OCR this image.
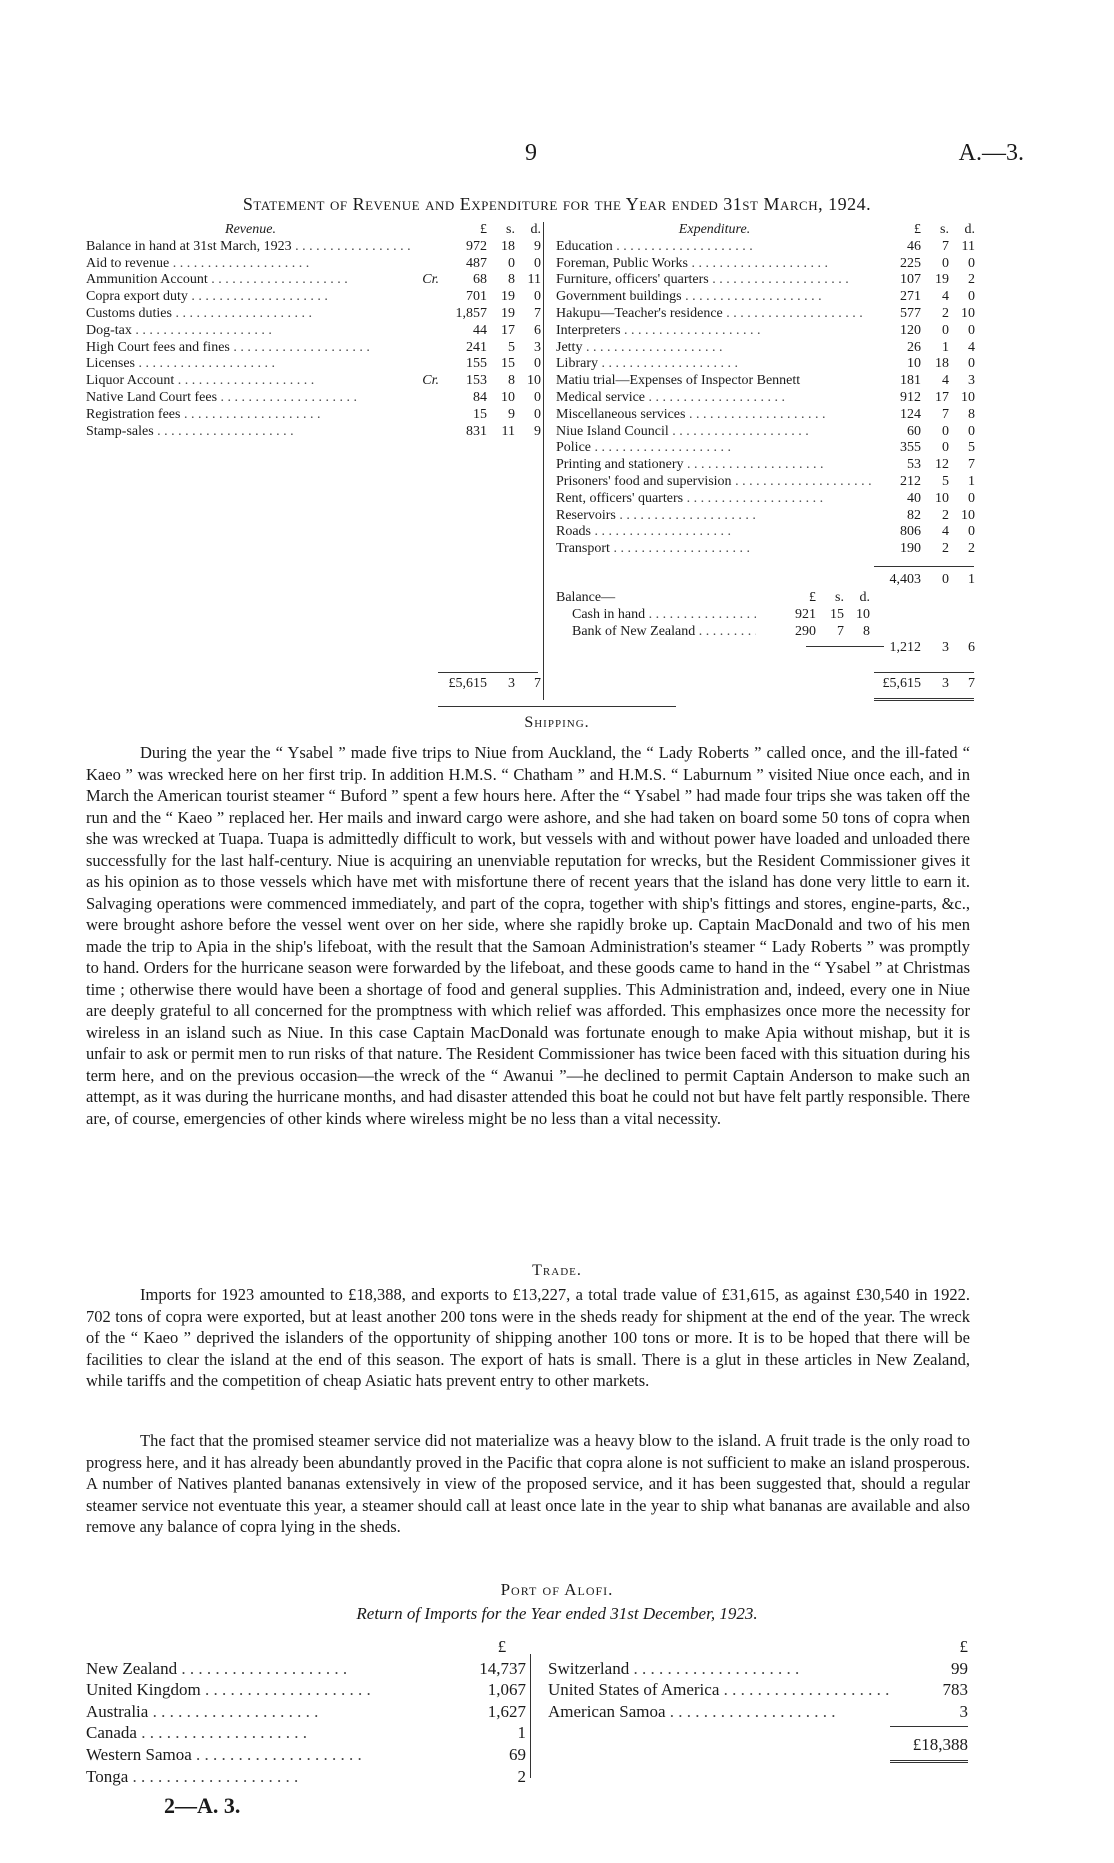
9	A.—3.
Statement of Revenue and Expenditure for the Year ended 31st March, 1924.
Revenue.	£	s.	d.
Balance in hand at 31st March, 1923 . .	972	18	9
Aid to revenue . .	487	0	0
Ammunition Account . .	Cr.	68	8 11
Copra export duty . .	701	19	0
Customs duties . .	1,857	19	7
Dog-tax . .	44	17	6
High Court fees and fines . .	241	5	3
Licenses . .	155	15	0
Liquor Account . .	Cr.	153	8 10
Native Land Court fees . .	84	10	0
Registration fees . .	15	9	0
Stamp-sales . .	831	11	9
£5,615	3	7
Expenditure.	£	s.	d.
Education . .	46	7 11
Foreman, Public Works . .	225	0	0
Furniture, officers' quarters . .	107	19	2
Government buildings . .	271	4	0
Hakupu—Teacher's residence . .	577	2 10
Interpreters . .	120	0	0
Jetty . .	26	1	4
Library . .	10	18	0
Matiu trial—Expenses of Inspector Bennett	181	4	3
Medical service . .	912	17 10
Miscellaneous services . .	124	7	8
Niue Island Council . .	60	0	0
Police . .	355	0	5
Printing and stationery . .	53	12	7
Prisoners' food and supervision . .	212	5	1
Rent, officers' quarters . .	40	10	0
Reservoirs . .	82	2 10
Roads . .	806	4	0
Transport . .	190	2	2
4,403	0	1
Balance—	£	s.	d.
Cash in hand . .	921	15 10
Bank of New Zealand . .	290	7	8
1,212	3	6
£5,615	3	7
Shipping.

During the year the “ Ysabel ” made five trips to Niue from Auckland, the “ Lady Roberts ” called once, and the ill-fated “ Kaeo ” was wrecked here on her first trip. In addition H.M.S. “ Chatham ” and H.M.S. “ Laburnum ” visited Niue once each, and in March the American tourist steamer “ Buford ” spent a few hours here. After the “ Ysabel ” had made four trips she was taken off the run and the “ Kaeo ” replaced her. Her mails and inward cargo were ashore, and she had taken on board some 50 tons of copra when she was wrecked at Tuapa. Tuapa is admittedly difficult to work, but vessels with and without power have loaded and unloaded there successfully for the last half-century. Niue is acquiring an unenviable reputation for wrecks, but the Resident Commissioner gives it as his opinion as to those vessels which have met with misfortune there of recent years that the island has done very little to earn it. Salvaging operations were commenced immediately, and part of the copra, together with ship's fittings and stores, engine-parts, &c., were brought ashore before the vessel went over on her side, where she rapidly broke up. Captain MacDonald and two of his men made the trip to Apia in the ship's lifeboat, with the result that the Samoan Administration's steamer “ Lady Roberts ” was promptly to hand. Orders for the hurricane season were forwarded by the lifeboat, and these goods came to hand in the “ Ysabel ” at Christmas time ; otherwise there would have been a shortage of food and general supplies. This Administration and, indeed, every one in Niue are deeply grateful to all concerned for the promptness with which relief was afforded. This emphasizes once more the necessity for wireless in an island such as Niue. In this case Captain MacDonald was fortunate enough to make Apia without mishap, but it is unfair to ask or permit men to run risks of that nature. The Resident Commissioner has twice been faced with this situation during his term here, and on the previous occasion—the wreck of the “ Awanui ”—he declined to permit Captain Anderson to make such an attempt, as it was during the hurricane months, and had disaster attended this boat he could not but have felt partly responsible. There are, of course, emergencies of other kinds where wireless might be no less than a vital necessity.

Trade.

Imports for 1923 amounted to £18,388, and exports to £13,227, a total trade value of £31,615, as against £30,540 in 1922. 702 tons of copra were exported, but at least another 200 tons were in the sheds ready for shipment at the end of the year. The wreck of the “ Kaeo ” deprived the islanders of the opportunity of shipping another 100 tons or more. It is to be hoped that there will be facilities to clear the island at the end of this season. The export of hats is small. There is a glut in these articles in New Zealand, while tariffs and the competition of cheap Asiatic hats prevent entry to other markets.

The fact that the promised steamer service did not materialize was a heavy blow to the island. A fruit trade is the only road to progress here, and it has already been abundantly proved in the Pacific that copra alone is not sufficient to make an island prosperous. A number of Natives planted bananas extensively in view of the proposed service, and it has been suggested that, should a regular steamer service not eventuate this year, a steamer should call at least once late in the year to ship what bananas are available and also remove any balance of copra lying in the sheds.

Port of Alofi.
Return of Imports for the Year ended 31st December, 1923.
£
New Zealand . .	14,737
United Kingdom . .	1,067
Australia . .	1,627
Canada . .	1
Western Samoa . .	69
Tonga . .	2
£
Switzerland . .	99
United States of America . .	783
American Samoa . .	3
£18,388
2—A. 3.
